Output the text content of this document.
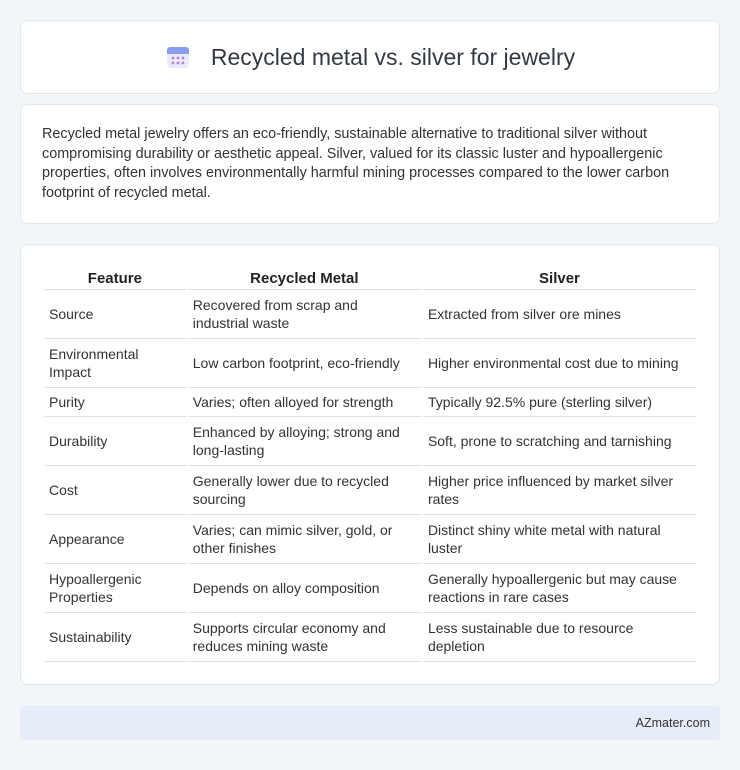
Recycled metal vs. silver for jewelry

Recycled metal jewelry offers an eco-friendly, sustainable alternative to traditional silver without compromising durability or aesthetic appeal. Silver, valued for its classic luster and hypoallergenic properties, often involves environmentally harmful mining processes compared to the lower carbon footprint of recycled metal.

Feature	Recycled Metal	Silver
Source	Recovered from scrap and industrial waste	Extracted from silver ore mines
Environmental Impact	Low carbon footprint, eco-friendly	Higher environmental cost due to mining
Purity	Varies; often alloyed for strength	Typically 92.5% pure (sterling silver)
Durability	Enhanced by alloying; strong and long-lasting	Soft, prone to scratching and tarnishing
Cost	Generally lower due to recycled sourcing	Higher price influenced by market silver rates
Appearance	Varies; can mimic silver, gold, or other finishes	Distinct shiny white metal with natural luster
Hypoallergenic Properties	Depends on alloy composition	Generally hypoallergenic but may cause reactions in rare cases
Sustainability	Supports circular economy and reduces mining waste	Less sustainable due to resource depletion
AZmater.com
